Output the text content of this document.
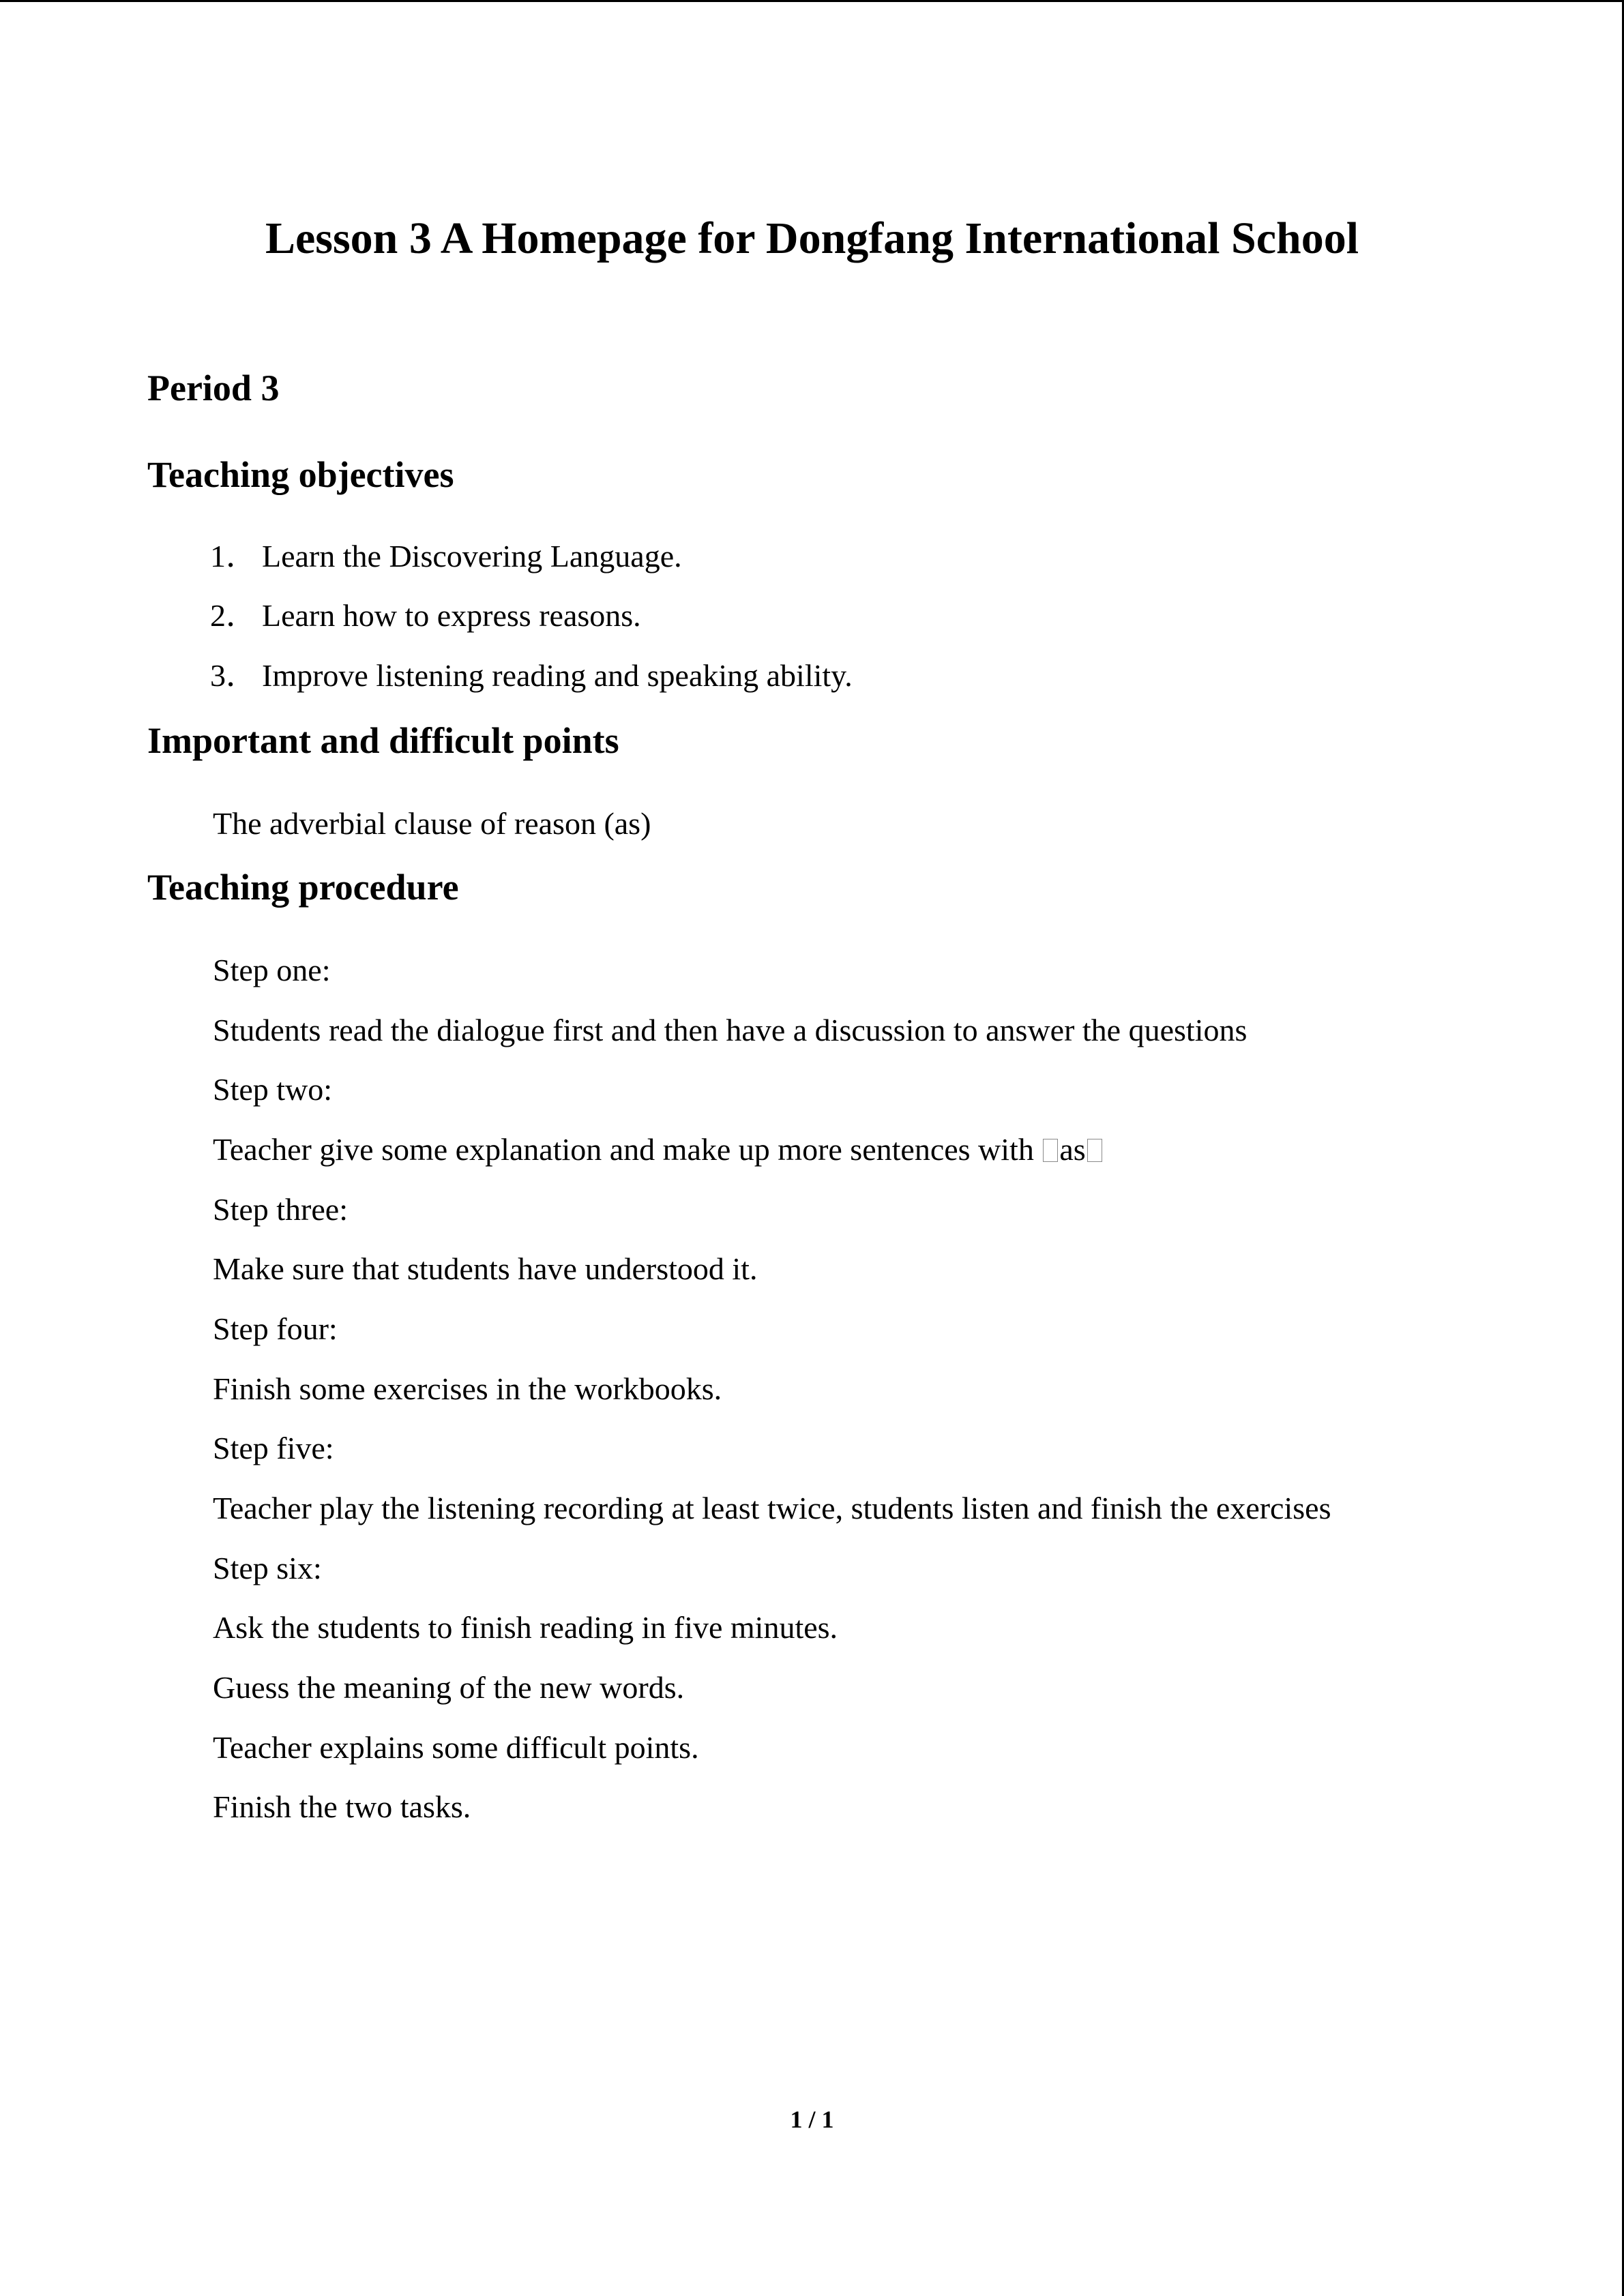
Lesson 3 A Homepage for Dongfang International School
Period 3
Teaching objectives

1． Learn the Discovering Language.

2． Learn how to express reasons.

3． Improve listening reading and speaking ability.

Important and difficult points

The adverbial clause of reason (as)

Teaching procedure

Step one:

Students read the dialogue first and then have a discussion to answer the questions

Step two:

Teacher give some explanation and make up more sentences with as

Step three:

Make sure that students have understood it.

Step four:

Finish some exercises in the workbooks.

Step five:

Teacher play the listening recording at least twice, students listen and finish the exercises

Step six:

Ask the students to finish reading in five minutes.

Guess the meaning of the new words.

Teacher explains some difficult points.

Finish the two tasks.

1 / 1
